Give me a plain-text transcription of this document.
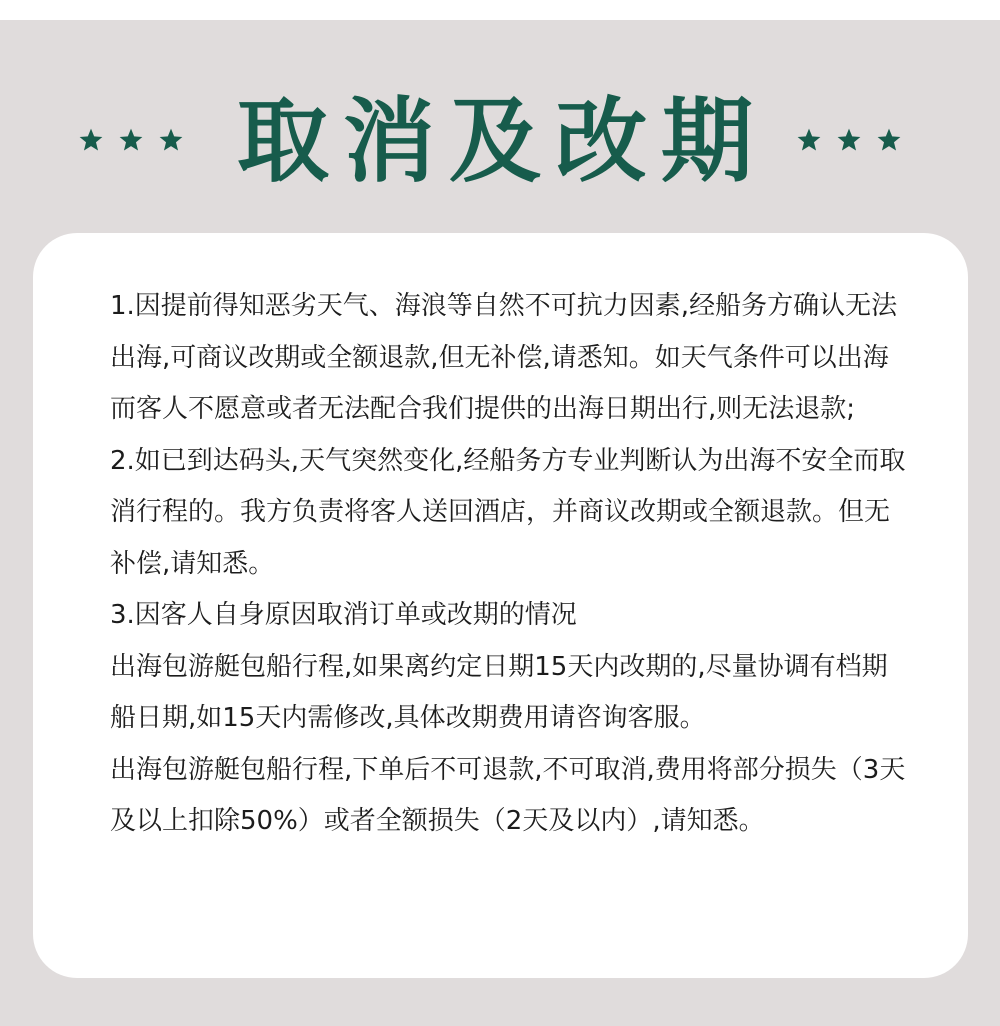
取消及改期

1.因提前得知恶劣天气、海浪等自然不可抗力因素,经船务方确认无法出海,可商议改期或全额退款,但无补偿,请悉知。如天气条件可以出海而客人不愿意或者无法配合我们提供的出海日期出行,则无法退款;

2.如已到达码头,天气突然变化,经船务方专业判断认为出海不安全而取消行程的。我方负责将客人送回酒店，并商议改期或全额退款。但无补偿,请知悉。

3.因客人自身原因取消订单或改期的情况

出海包游艇包船行程,如果离约定日期15天内改期的,尽量协调有档期船日期,如15天内需修改,具体改期费用请咨询客服。

出海包游艇包船行程,下单后不可退款,不可取消,费用将部分损失（3天及以上扣除50%）或者全额损失（2天及以内）,请知悉。
